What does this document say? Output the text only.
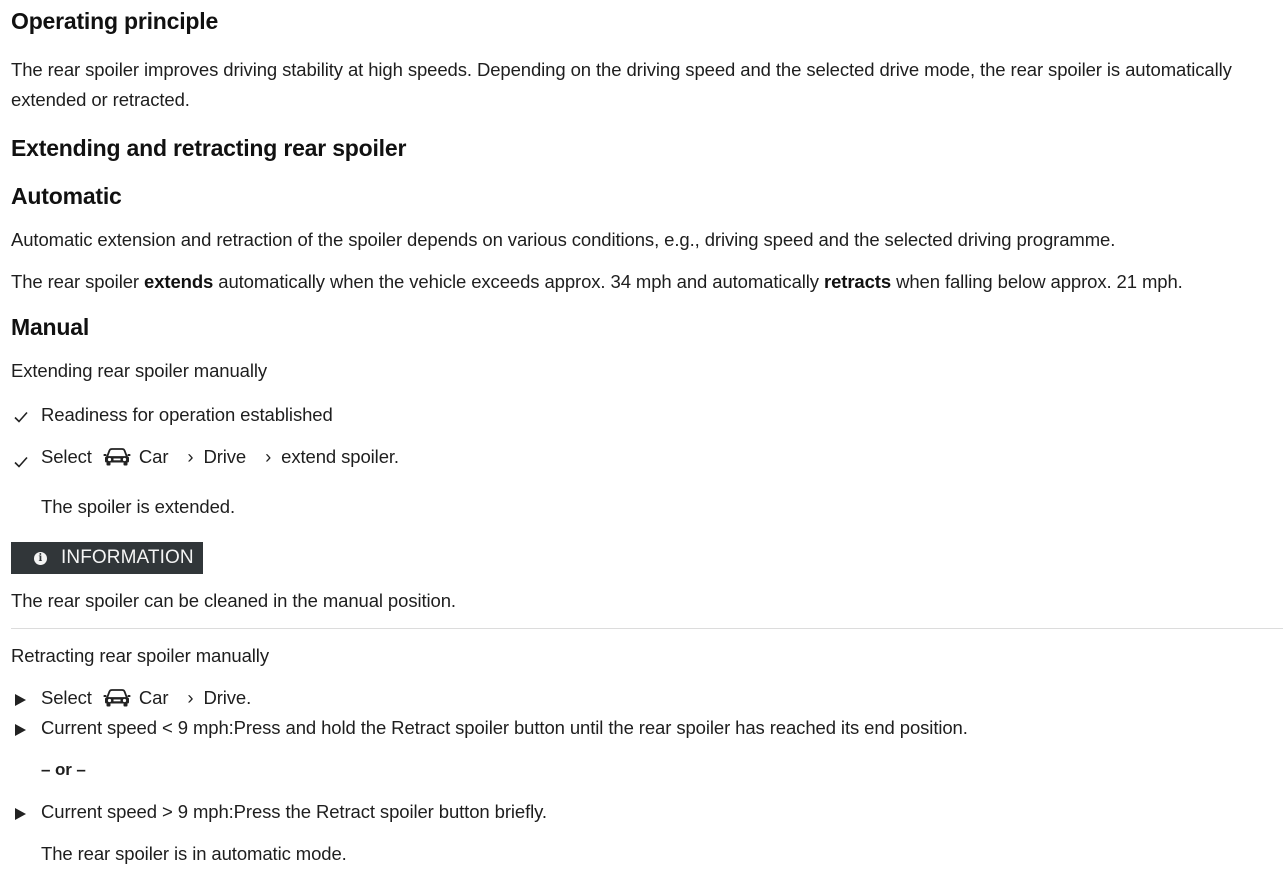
Operating principle
The rear spoiler improves driving stability at high speeds. Depending on the driving speed and the selected drive mode, the rear spoiler is automatically
extended or retracted.
Extending and retracting rear spoiler
Automatic
Automatic extension and retraction of the spoiler depends on various conditions, e.g., driving speed and the selected driving programme.
The rear spoiler extends automatically when the vehicle exceeds approx. 34 mph and automatically retracts when falling below approx. 21 mph.
Manual
Extending rear spoiler manually
Readiness for operation established
Select	Car › Drive › extend spoiler.
The spoiler is extended.
i INFORMATION
The rear spoiler can be cleaned in the manual position.
Retracting rear spoiler manually
Select	Car › Drive.
Current speed < 9 mph:Press and hold the Retract spoiler button until the rear spoiler has reached its end position.
– or –
Current speed > 9 mph:Press the Retract spoiler button briefly.
The rear spoiler is in automatic mode.
